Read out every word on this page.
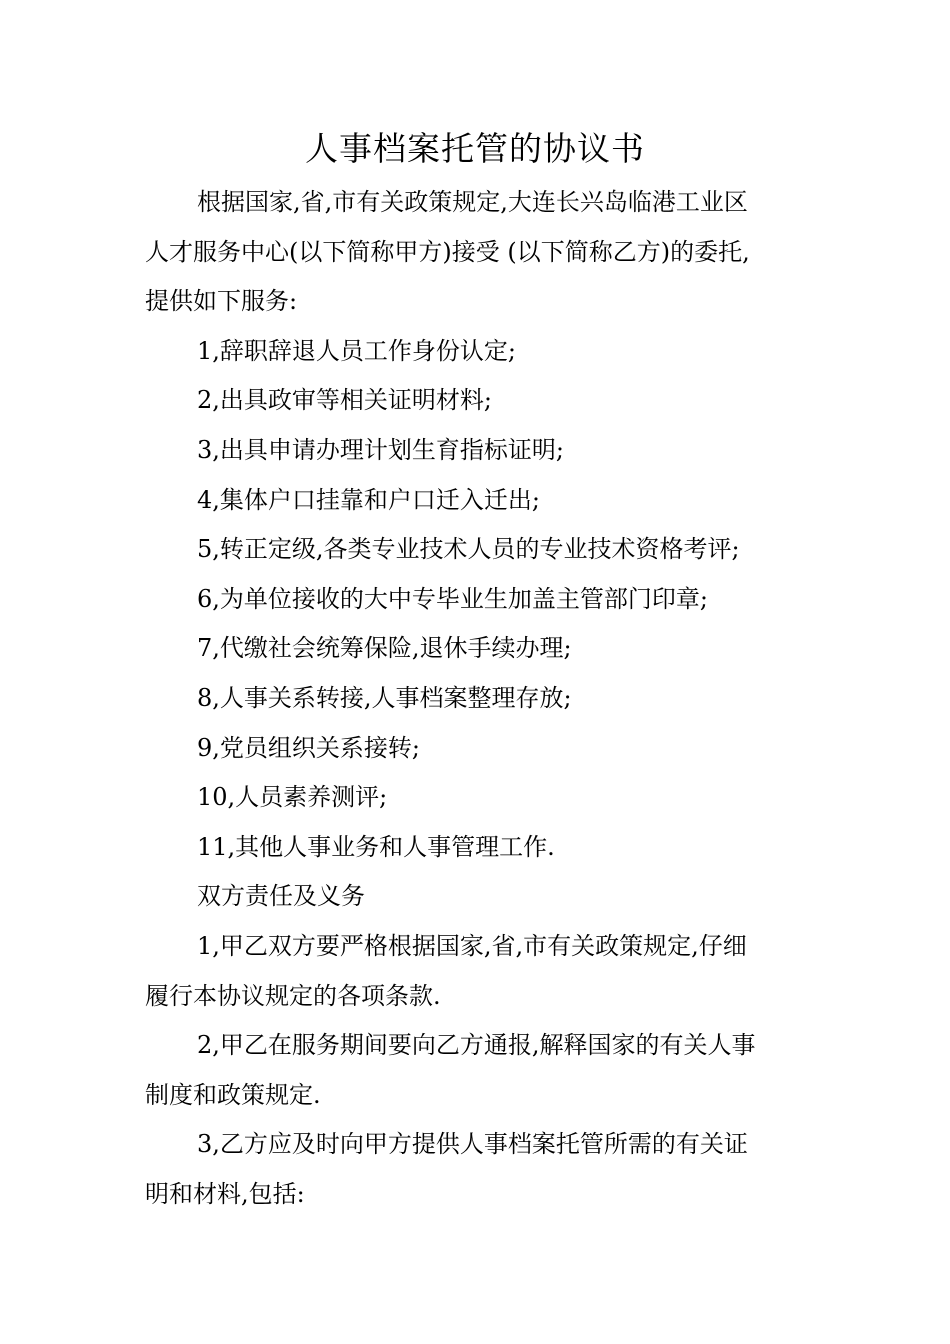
人事档案托管的协议书

根据国家,省,市有关政策规定,大连长兴岛临港工业区

人才服务中心(以下简称甲方)接受 (以下简称乙方)的委托,

提供如下服务:

1,辞职辞退人员工作身份认定;

2,出具政审等相关证明材料;

3,出具申请办理计划生育指标证明;

4,集体户口挂靠和户口迁入迁出;

5,转正定级,各类专业技术人员的专业技术资格考评;

6,为单位接收的大中专毕业生加盖主管部门印章;

7,代缴社会统筹保险,退休手续办理;

8,人事关系转接,人事档案整理存放;

9,党员组织关系接转;

10,人员素养测评;

11,其他人事业务和人事管理工作.

双方责任及义务

1,甲乙双方要严格根据国家,省,市有关政策规定,仔细

履行本协议规定的各项条款.

2,甲乙在服务期间要向乙方通报,解释国家的有关人事

制度和政策规定.

3,乙方应及时向甲方提供人事档案托管所需的有关证

明和材料,包括:
